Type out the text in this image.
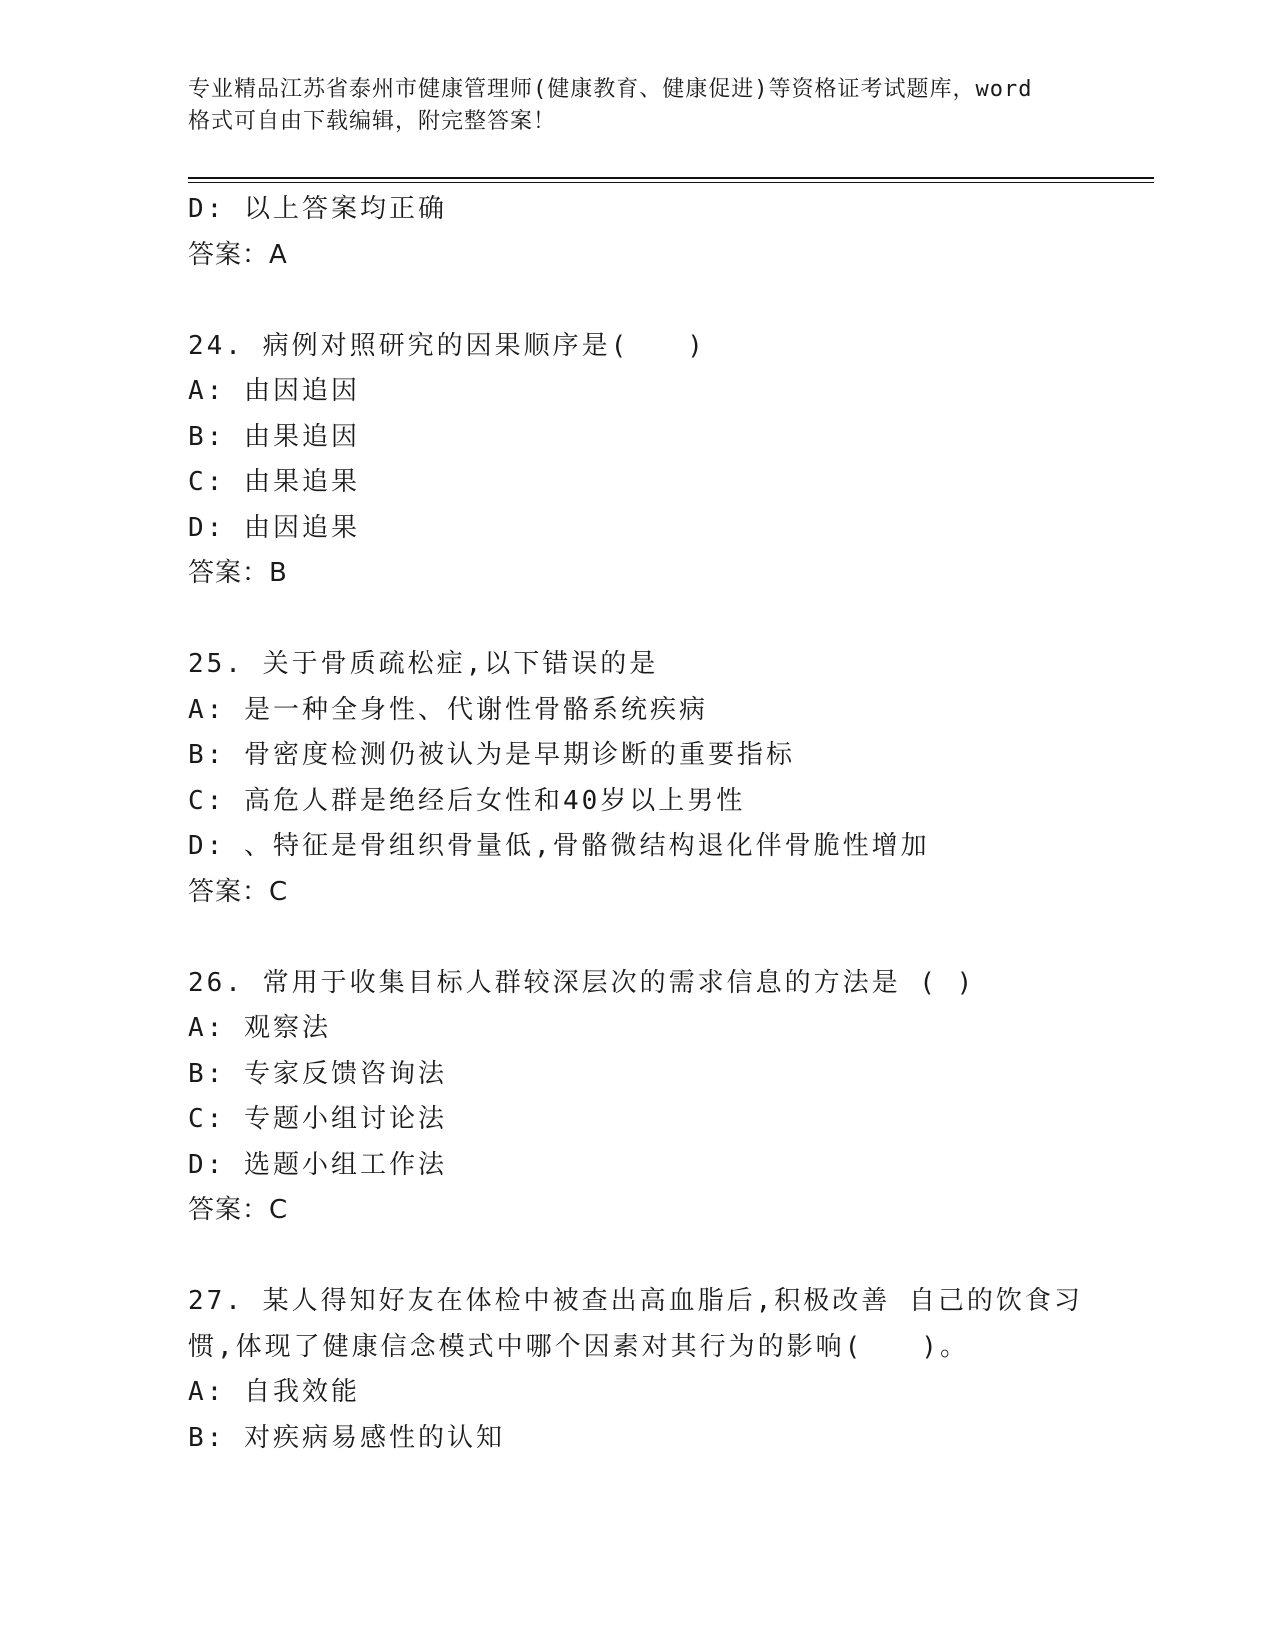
专业精品江苏省泰州市健康管理师(健康教育、健康促进)等资格证考试题库，word
格式可自由下载编辑，附完整答案！
D: 以上答案均正确
答案：A
24. 病例对照研究的因果顺序是(　　)
A: 由因追因
B: 由果追因
C: 由果追果
D: 由因追果
答案：B
25. 关于骨质疏松症,以下错误的是
A: 是一种全身性、代谢性骨骼系统疾病
B: 骨密度检测仍被认为是早期诊断的重要指标
C: 高危人群是绝经后女性和40岁以上男性
D: 、特征是骨组织骨量低,骨骼微结构退化伴骨脆性增加
答案：C
26. 常用于收集目标人群较深层次的需求信息的方法是 ( )
A: 观察法
B: 专家反馈咨询法
C: 专题小组讨论法
D: 选题小组工作法
答案：C
27. 某人得知好友在体检中被查出高血脂后,积极改善 自己的饮食习
惯,体现了健康信念模式中哪个因素对其行为的影响(　　)。
A: 自我效能
B: 对疾病易感性的认知
